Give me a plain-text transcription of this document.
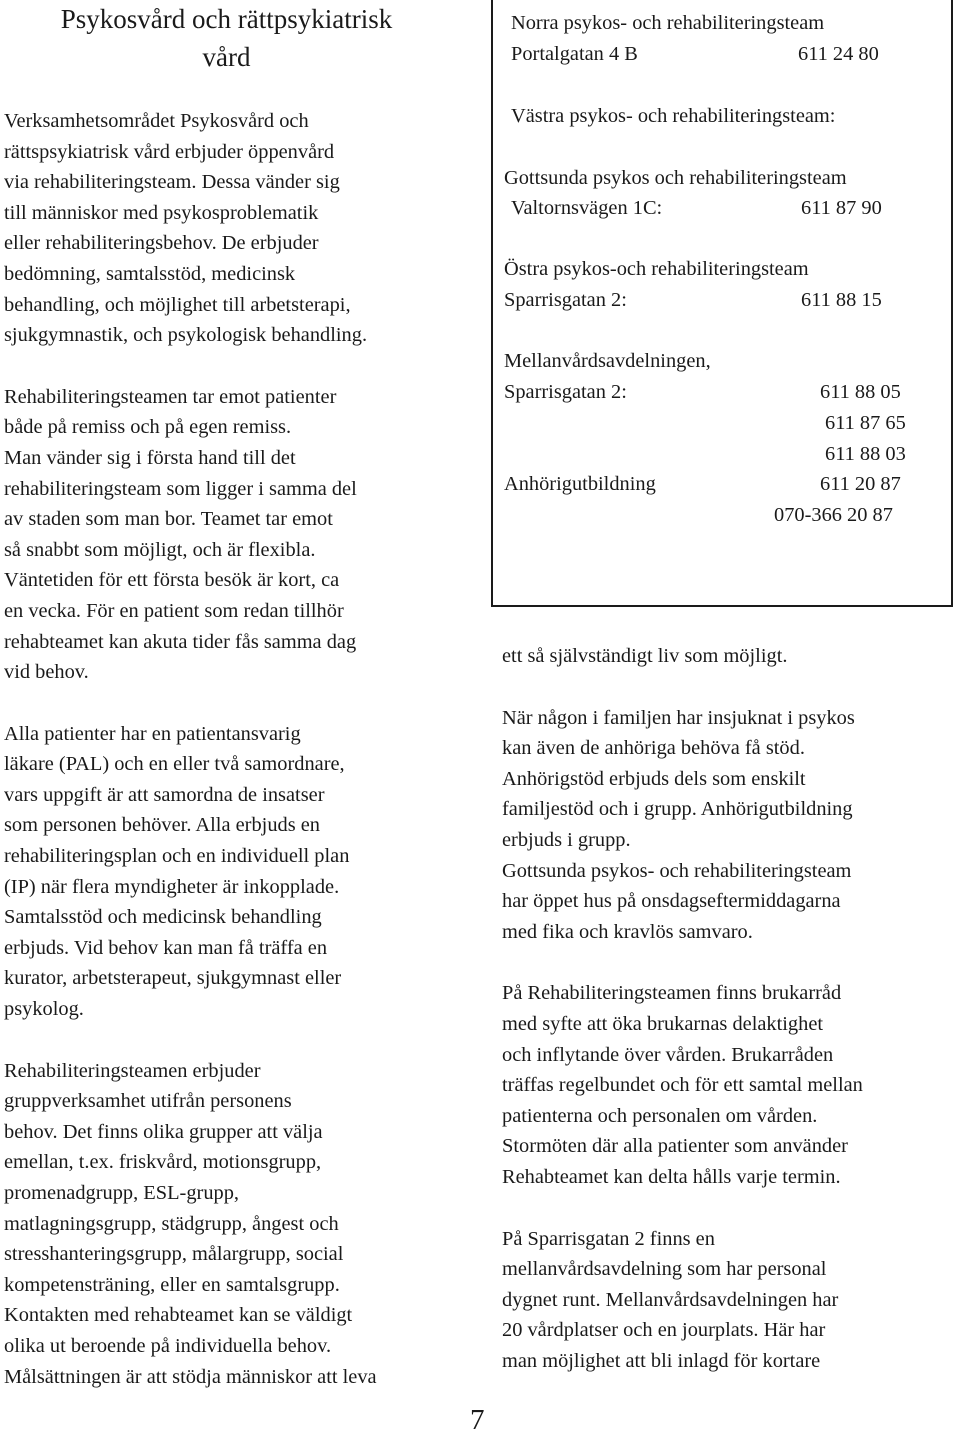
Psykosvård och rättpsykiatrisk
vård

Verksamhetsområdet Psykosvård och
rättspsykiatrisk vård erbjuder öppenvård
via rehabiliteringsteam. Dessa vänder sig
till människor med psykosproblematik
eller rehabiliteringsbehov. De erbjuder
bedömning, samtalsstöd, medicinsk
behandling, och möjlighet till arbetsterapi,
sjukgymnastik, och psykologisk behandling.

Rehabiliteringsteamen tar emot patienter
både på remiss och på egen remiss.
Man vänder sig i första hand till det
rehabiliteringsteam som ligger i samma del
av staden som man bor. Teamet tar emot
så snabbt som möjligt, och är flexibla.
Väntetiden för ett första besök är kort, ca
en vecka. För en patient som redan tillhör
rehabteamet kan akuta tider fås samma dag
vid behov.

Alla patienter har en patientansvarig
läkare (PAL) och en eller två samordnare,
vars uppgift är att samordna de insatser
som personen behöver. Alla erbjuds en
rehabiliteringsplan och en individuell plan
(IP) när flera myndigheter är inkopplade.
Samtalsstöd och medicinsk behandling
erbjuds. Vid behov kan man få träffa en
kurator, arbetsterapeut, sjukgymnast eller
psykolog.

Rehabiliteringsteamen erbjuder
gruppverksamhet utifrån personens
behov. Det finns olika grupper att välja
emellan, t.ex. friskvård, motionsgrupp,
promenadgrupp, ESL-grupp,
matlagningsgrupp, städgrupp, ångest och
stresshanteringsgrupp, målargrupp, social
kompetensträning, eller en samtalsgrupp.
Kontakten med rehabteamet kan se väldigt
olika ut beroende på individuella behov.
Målsättningen är att stödja människor att leva

Norra psykos- och rehabiliteringsteam
Portalgatan 4 B	611 24 80
Västra psykos- och rehabiliteringsteam:
Gottsunda psykos och rehabiliteringsteam
Valtornsvägen 1C:	611 87 90
Östra psykos-och rehabiliteringsteam
Sparrisgatan 2:	611 88 15
Mellanvårdsavdelningen,
Sparrisgatan 2:	611 88 05
611 87 65
611 88 03
Anhörigutbildning	611 20 87
070-366 20 87

ett så självständigt liv som möjligt.

När någon i familjen har insjuknat i psykos
kan även de anhöriga behöva få stöd.
Anhörigstöd erbjuds dels som enskilt
familjestöd och i grupp. Anhörigutbildning
erbjuds i grupp.
Gottsunda psykos- och rehabiliteringsteam
har öppet hus på onsdagseftermiddagarna
med fika och kravlös samvaro.

På Rehabiliteringsteamen finns brukarråd
med syfte att öka brukarnas delaktighet
och inflytande över vården. Brukarråden
träffas regelbundet och för ett samtal mellan
patienterna och personalen om vården.
Stormöten där alla patienter som använder
Rehabteamet kan delta hålls varje termin.

På Sparrisgatan 2 finns en
mellanvårdsavdelning som har personal
dygnet runt. Mellanvårdsavdelningen har
20 vårdplatser och en jourplats. Här har
man möjlighet att bli inlagd för kortare

7
